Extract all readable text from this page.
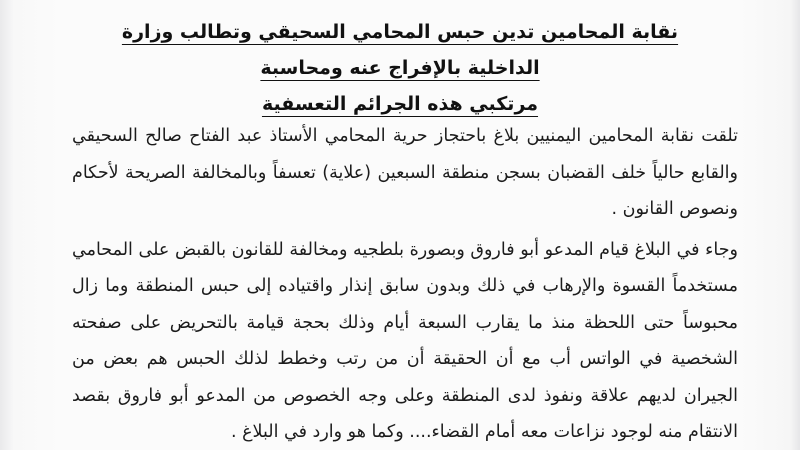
نقابة المحامين تدين حبس المحامي السحيقي وتطالب وزارة الداخلية بالإفراج عنه ومحاسبة
مرتكبي هذه الجرائم التعسفية

تلقت نقابة المحامين اليمنيين بلاغ باحتجاز حرية المحامي الأستاذ عبد الفتاح صالح السحيقي والقابع حالياً خلف القضبان بسجن منطقة السبعين (علاية) تعسفاً وبالمخالفة الصريحة لأحكام ونصوص القانون .

وجاء في البلاغ قيام المدعو أبو فاروق وبصورة بلطجيه ومخالفة للقانون بالقبض على المحامي مستخدماً القسوة والإرهاب في ذلك وبدون سابق إنذار واقتياده إلى حبس المنطقة وما زال محبوساً حتى اللحظة منذ ما يقارب السبعة أيام وذلك بحجة قيامة بالتحريض على صفحته الشخصية في الواتس أب مع أن الحقيقة أن من رتب وخطط لذلك الحبس هم بعض من الجيران لديهم علاقة ونفوذ لدى المنطقة وعلى وجه الخصوص من المدعو أبو فاروق بقصد الانتقام منه لوجود نزاعات معه أمام القضاء.... وكما هو وارد في البلاغ .
